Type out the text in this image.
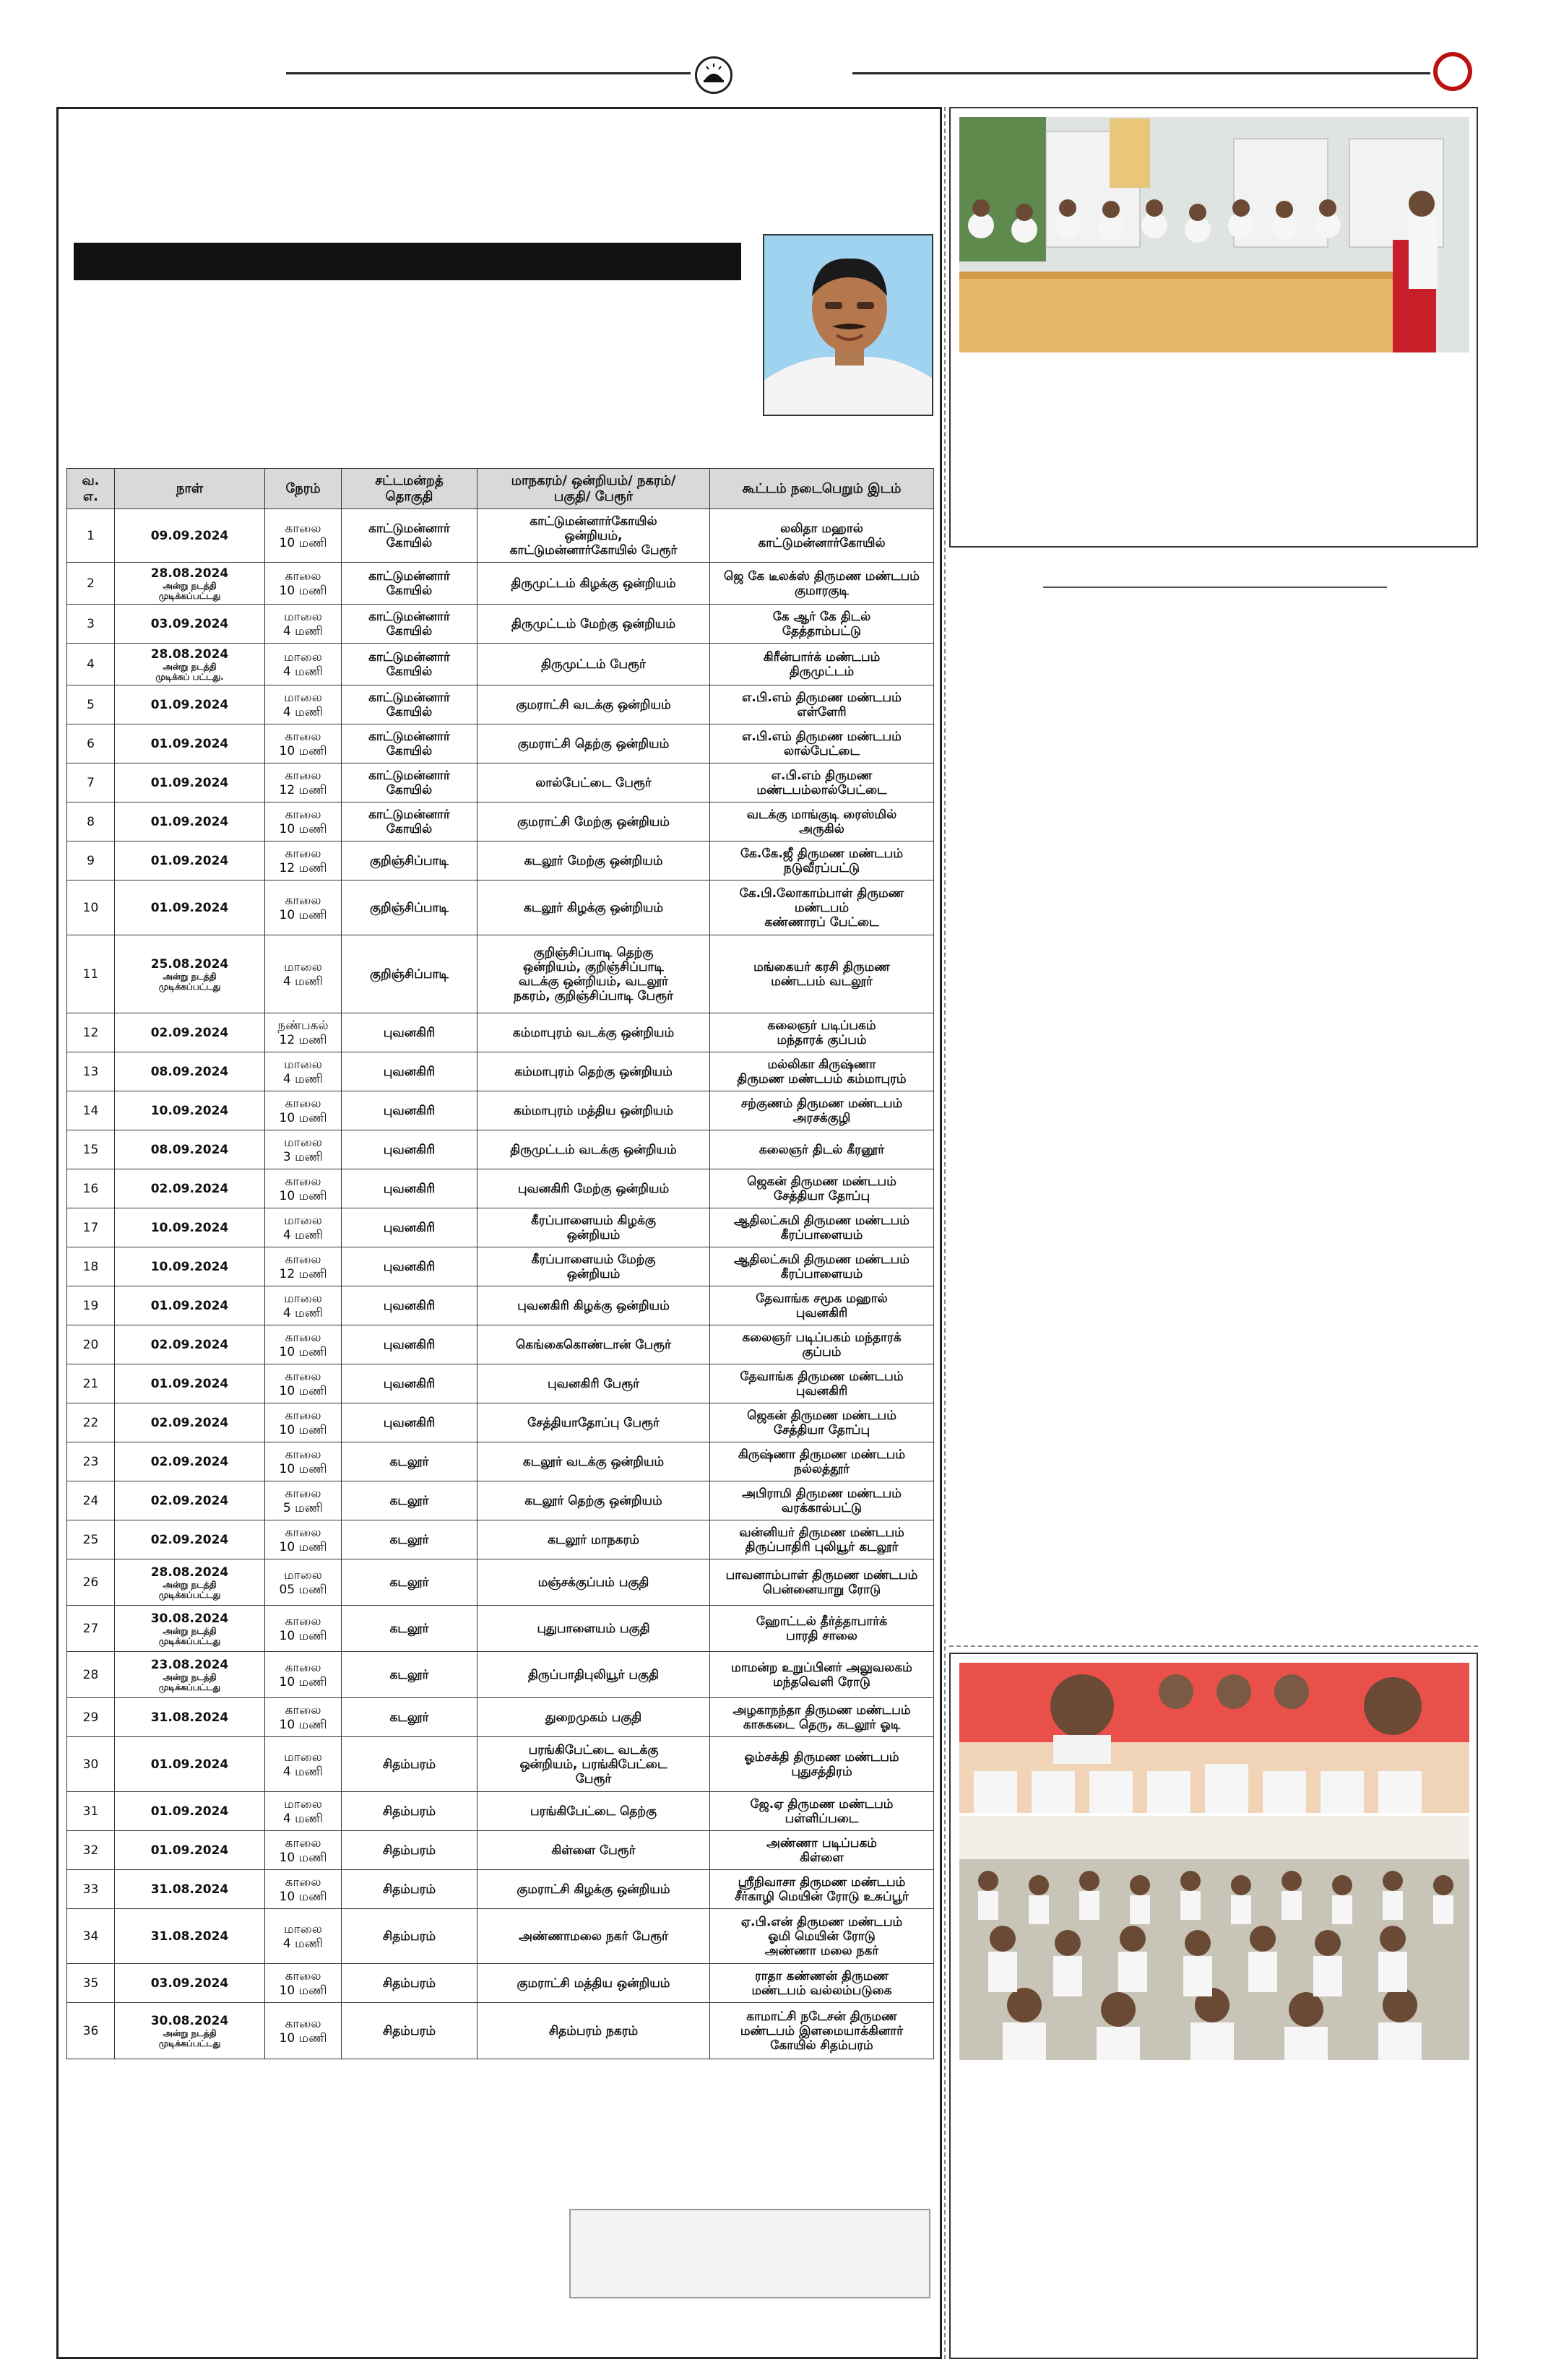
வ.
எ.	நாள்	நேரம்	சட்டமன்றத்
தொகுதி	மாநகரம்/ ஒன்றியம்/ நகரம்/
பகுதி/ பேரூர்	கூட்டம் நடைபெறும் இடம்
1	09.09.2024	காலை
10 மணி	காட்டுமன்னார்
கோயில்	காட்டுமன்னார்கோயில்
ஒன்றியம்,
காட்டுமன்னார்கோயில் பேரூர்	லலிதா மஹால்
காட்டுமன்னார்கோயில்
2	28.08.2024
அன்று நடத்தி
முடிக்கப்பட்டது	காலை
10 மணி	காட்டுமன்னார்
கோயில்	திருமுட்டம் கிழக்கு ஒன்றியம்	ஜெ கே டீலக்ஸ் திருமண மண்டபம்
குமாரகுடி
3	03.09.2024	மாலை
4 மணி	காட்டுமன்னார்
கோயில்	திருமுட்டம் மேற்கு ஒன்றியம்	கே ஆர் கே திடல்
தேத்தாம்பட்டு
4	28.08.2024
அன்று நடத்தி
முடிக்கப் பட்டது.	மாலை
4 மணி	காட்டுமன்னார்
கோயில்	திருமுட்டம் பேரூர்	கிரீன்பார்க் மண்டபம்
திருமுட்டம்
5	01.09.2024	மாலை
4 மணி	காட்டுமன்னார்
கோயில்	குமராட்சி வடக்கு ஒன்றியம்	எ.பி.எம் திருமண மண்டபம்
எள்ளேரி
6	01.09.2024	காலை
10 மணி	காட்டுமன்னார்
கோயில்	குமராட்சி தெற்கு ஒன்றியம்	எ.பி.எம் திருமண மண்டபம்
லால்பேட்டை
7	01.09.2024	காலை
12 மணி	காட்டுமன்னார்
கோயில்	லால்பேட்டை பேரூர்	எ.பி.எம் திருமண
மண்டபம்லால்பேட்டை
8	01.09.2024	காலை
10 மணி	காட்டுமன்னார்
கோயில்	குமராட்சி மேற்கு ஒன்றியம்	வடக்கு மாங்குடி ரைஸ்மில்
அருகில்
9	01.09.2024	காலை
12 மணி	குறிஞ்சிப்பாடி	கடலூர் மேற்கு ஒன்றியம்	கே.கே.ஜீ திருமண மண்டபம்
நடுவீரப்பட்டு
10	01.09.2024	காலை
10 மணி	குறிஞ்சிப்பாடி	கடலூர் கிழக்கு ஒன்றியம்	கே.பி.லோகாம்பாள் திருமண
மண்டபம்
கண்ணாரப் பேட்டை
11	25.08.2024
அன்று நடத்தி
முடிக்கப்பட்டது	மாலை
4 மணி	குறிஞ்சிப்பாடி	குறிஞ்சிப்பாடி தெற்கு
ஒன்றியம், குறிஞ்சிப்பாடி
வடக்கு ஒன்றியம், வடலூர்
நகரம், குறிஞ்சிப்பாடி பேரூர்	மங்கையர் கரசி திருமண
மண்டபம் வடலூர்
12	02.09.2024	நண்பகல்
12 மணி	புவனகிரி	கம்மாபுரம் வடக்கு ஒன்றியம்	கலைஞர் படிப்பகம்
மந்தாரக் குப்பம்
13	08.09.2024	மாலை
4 மணி	புவனகிரி	கம்மாபுரம் தெற்கு ஒன்றியம்	மல்லிகா கிருஷ்ணா
திருமண மண்டபம் கம்மாபுரம்
14	10.09.2024	காலை
10 மணி	புவனகிரி	கம்மாபுரம் மத்திய ஒன்றியம்	சற்குணம் திருமண மண்டபம்
அரசக்குழி
15	08.09.2024	மாலை
3 மணி	புவனகிரி	திருமுட்டம் வடக்கு ஒன்றியம்	கலைஞர் திடல் கீரனூர்
16	02.09.2024	காலை
10 மணி	புவனகிரி	புவனகிரி மேற்கு ஒன்றியம்	ஜெகன் திருமண மண்டபம்
சேத்தியா தோப்பு
17	10.09.2024	மாலை
4 மணி	புவனகிரி	கீரப்பாளையம் கிழக்கு
ஒன்றியம்	ஆதிலட்சுமி திருமண மண்டபம்
கீரப்பாளையம்
18	10.09.2024	காலை
12 மணி	புவனகிரி	கீரப்பாளையம் மேற்கு
ஒன்றியம்	ஆதிலட்சுமி திருமண மண்டபம்
கீரப்பாளையம்
19	01.09.2024	மாலை
4 மணி	புவனகிரி	புவனகிரி கிழக்கு ஒன்றியம்	தேவாங்க சமூக மஹால்
புவனகிரி
20	02.09.2024	காலை
10 மணி	புவனகிரி	கெங்கைகொண்டான் பேரூர்	கலைஞர் படிப்பகம் மந்தாரக்
குப்பம்
21	01.09.2024	காலை
10 மணி	புவனகிரி	புவனகிரி பேரூர்	தேவாங்க திருமண மண்டபம்
புவனகிரி
22	02.09.2024	காலை
10 மணி	புவனகிரி	சேத்தியாதோப்பு பேரூர்	ஜெகன் திருமண மண்டபம்
சேத்தியா தோப்பு
23	02.09.2024	காலை
10 மணி	கடலூர்	கடலூர் வடக்கு ஒன்றியம்	கிருஷ்ணா திருமண மண்டபம்
நல்லத்தூர்
24	02.09.2024	காலை
5 மணி	கடலூர்	கடலூர் தெற்கு ஒன்றியம்	அபிராமி திருமண மண்டபம்
வரக்கால்பட்டு
25	02.09.2024	காலை
10 மணி	கடலூர்	கடலூர் மாநகரம்	வன்னியர் திருமண மண்டபம்
திருப்பாதிரி புலியூர் கடலூர்
26	28.08.2024
அன்று நடத்தி
முடிக்கப்பட்டது	மாலை
05 மணி	கடலூர்	மஞ்சக்குப்பம் பகுதி	பாவனாம்பாள் திருமண மண்டபம்
பென்னையாறு ரோடு
27	30.08.2024
அன்று நடத்தி
முடிக்கப்பட்டது	காலை
10 மணி	கடலூர்	புதுபாளையம் பகுதி	ஹோட்டல் தீர்த்தாபார்க்
பாரதி சாலை
28	23.08.2024
அன்று நடத்தி
முடிக்கப்பட்டது	காலை
10 மணி	கடலூர்	திருப்பாதிபுலியூர் பகுதி	மாமன்ற உறுப்பினர் அலுவலகம்
மந்தவெளி ரோடு
29	31.08.2024	காலை
10 மணி	கடலூர்	துறைமுகம் பகுதி	அழகாநந்தா திருமண மண்டபம்
காசுகடை தெரு, கடலூர் ஓடி
30	01.09.2024	மாலை
4 மணி	சிதம்பரம்	பரங்கிபேட்டை வடக்கு
ஒன்றியம், பரங்கிபேட்டை
பேரூர்	ஓம்சக்தி திருமண மண்டபம்
புதுசத்திரம்
31	01.09.2024	மாலை
4 மணி	சிதம்பரம்	பரங்கிபேட்டை தெற்கு	ஜே.ஏ திருமண மண்டபம்
பள்ளிப்படை
32	01.09.2024	காலை
10 மணி	சிதம்பரம்	கிள்ளை பேரூர்	அண்ணா படிப்பகம்
கிள்ளை
33	31.08.2024	காலை
10 மணி	சிதம்பரம்	குமராட்சி கிழக்கு ஒன்றியம்	ஸ்ரீநிவாசா திருமண மண்டபம்
சீர்காழி மெயின் ரோடு உசுப்பூர்
34	31.08.2024	மாலை
4 மணி	சிதம்பரம்	அண்ணாமலை நகர் பேரூர்	ஏ.பி.என் திருமண மண்டபம்
ஓமி மெயின் ரோடு
அண்ணா மலை நகர்
35	03.09.2024	காலை
10 மணி	சிதம்பரம்	குமராட்சி மத்திய ஒன்றியம்	ராதா கண்ணன் திருமண
மண்டபம் வல்லம்படுகை
36	30.08.2024
அன்று நடத்தி
முடிக்கப்பட்டது	காலை
10 மணி	சிதம்பரம்	சிதம்பரம் நகரம்	காமாட்சி நடேசன் திருமண
மண்டபம் இளமையாக்கினார்
கோயில் சிதம்பரம்
